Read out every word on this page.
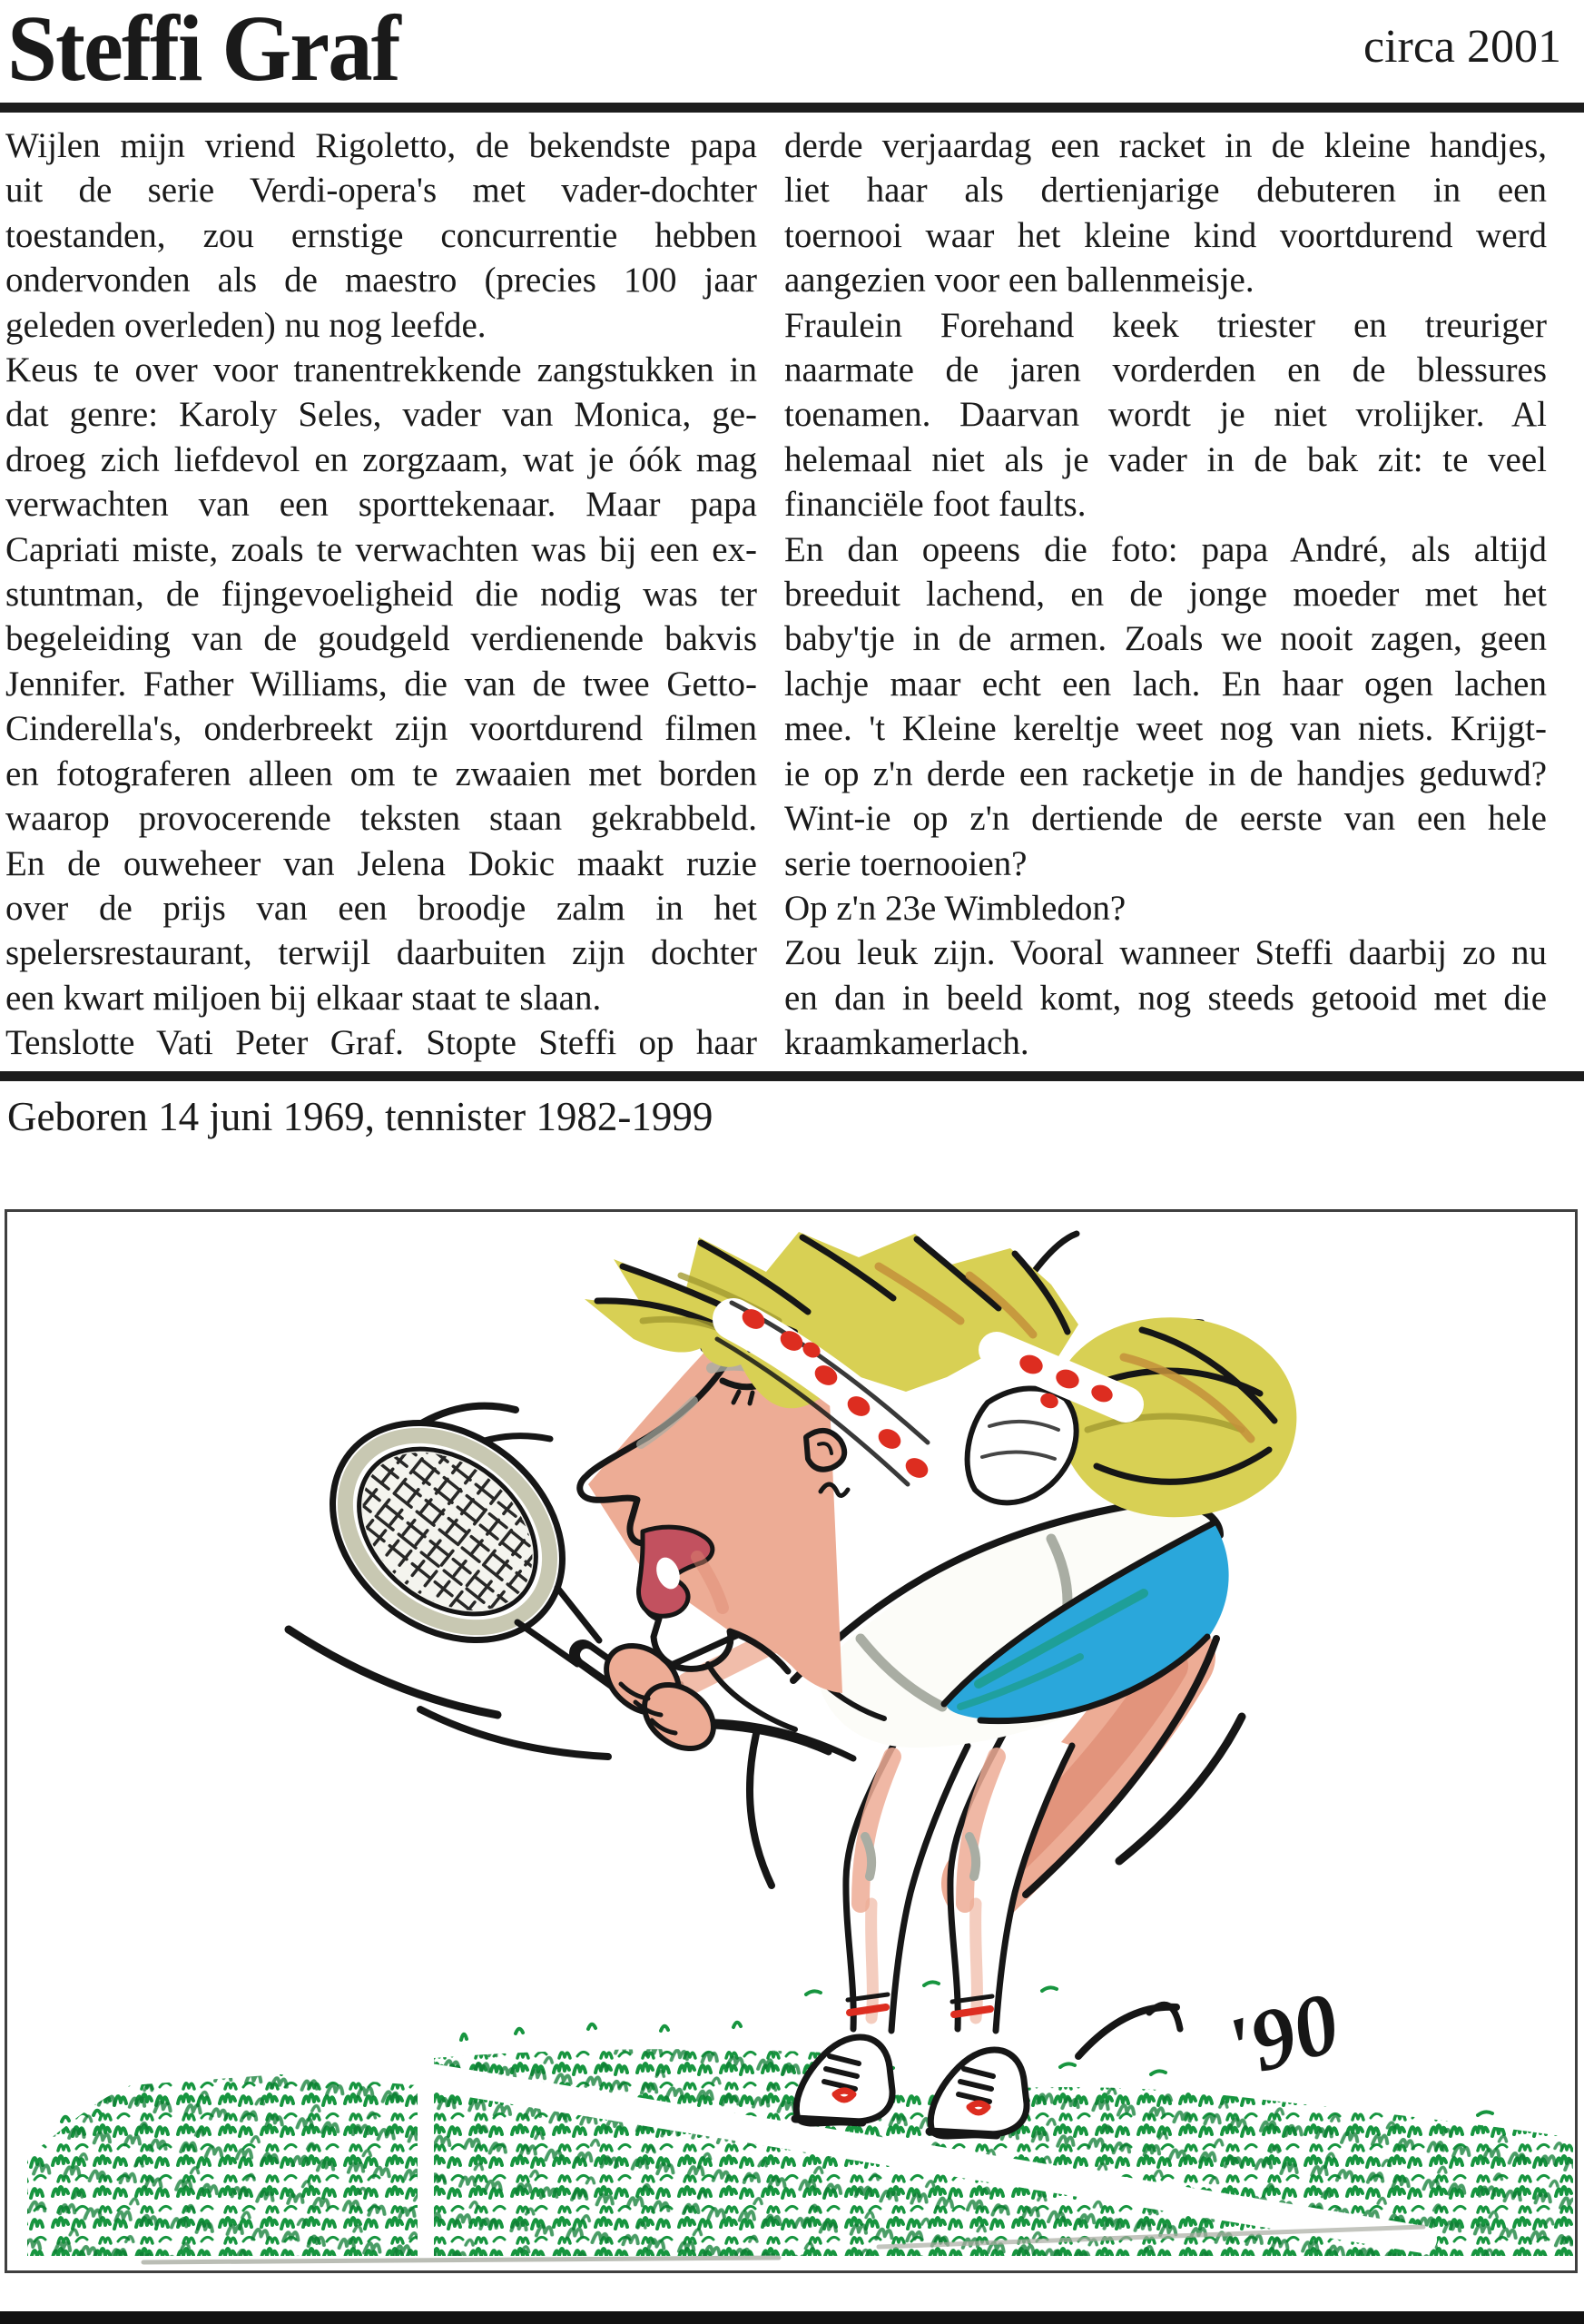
Steffi Graf	circa 2001
Wijlen mijn vriend Rigoletto, de bekendste papa
uit de serie Verdi-opera's met vader-dochter
toestanden, zou ernstige concurrentie hebben
ondervonden als de maestro (precies 100 jaar
geleden overleden) nu nog leefde.
Keus te over voor tranentrekkende zangstukken in
dat genre: Karoly Seles, vader van Monica, ge-
droeg zich liefdevol en zorgzaam, wat je óók mag
verwachten van een sporttekenaar. Maar papa
Capriati miste, zoals te verwachten was bij een ex-
stuntman, de fijngevoeligheid die nodig was ter
begeleiding van de goudgeld verdienende bakvis
Jennifer. Father Williams, die van de twee Getto-
Cinderella's, onderbreekt zijn voortdurend filmen
en fotograferen alleen om te zwaaien met borden
waarop provocerende teksten staan gekrabbeld.
En de ouweheer van Jelena Dokic maakt ruzie
over de prijs van een broodje zalm in het
spelersrestaurant, terwijl daarbuiten zijn dochter
een kwart miljoen bij elkaar staat te slaan.
Tenslotte Vati Peter Graf. Stopte Steffi op haar
derde verjaardag een racket in de kleine handjes,
liet haar als dertienjarige debuteren in een
toernooi waar het kleine kind voortdurend werd
aangezien voor een ballenmeisje.
Fraulein Forehand keek triester en treuriger
naarmate de jaren vorderden en de blessures
toenamen. Daarvan wordt je niet vrolijker. Al
helemaal niet als je vader in de bak zit: te veel
financiële foot faults.
En dan opeens die foto: papa André, als altijd
breeduit lachend, en de jonge moeder met het
baby'tje in de armen. Zoals we nooit zagen, geen
lachje maar echt een lach. En haar ogen lachen
mee. 't Kleine kereltje weet nog van niets. Krijgt-
ie op z'n derde een racketje in de handjes geduwd?
Wint-ie op z'n dertiende de eerste van een hele
serie toernooien?
Op z'n 23e Wimbledon?
Zou leuk zijn. Vooral wanneer Steffi daarbij zo nu
en dan in beeld komt, nog steeds getooid met die
kraamkamerlach.
Geboren 14 juni 1969, tennister 1982-1999
'90
